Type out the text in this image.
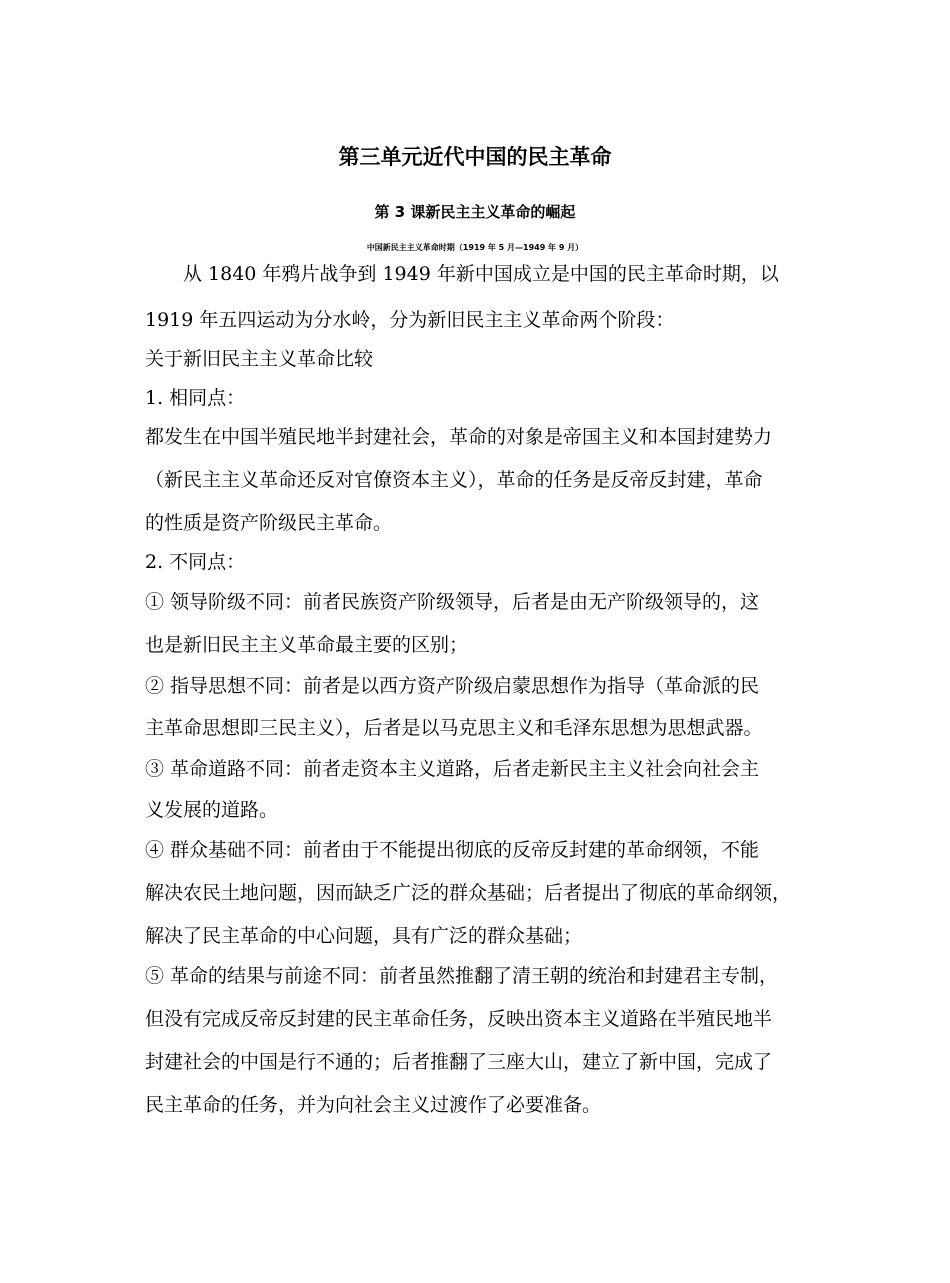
第三单元近代中国的民主革命
第 3 课新民主主义革命的崛起
中国新民主主义革命时期（1919 年 5 月—1949 年 9 月）
从 1840 年鸦片战争到 1949 年新中国成立是中国的民主革命时期，以
1919 年五四运动为分水岭，分为新旧民主主义革命两个阶段：
关于新旧民主主义革命比较
1. 相同点：
都发生在中国半殖民地半封建社会，革命的对象是帝国主义和本国封建势力
（新民主主义革命还反对官僚资本主义），革命的任务是反帝反封建，革命
的性质是资产阶级民主革命。
2. 不同点：
① 领导阶级不同：前者民族资产阶级领导，后者是由无产阶级领导的，这
也是新旧民主主义革命最主要的区别；
② 指导思想不同：前者是以西方资产阶级启蒙思想作为指导（革命派的民
主革命思想即三民主义），后者是以马克思主义和毛泽东思想为思想武器。
③ 革命道路不同：前者走资本主义道路，后者走新民主主义社会向社会主
义发展的道路。
④ 群众基础不同：前者由于不能提出彻底的反帝反封建的革命纲领，不能
解决农民土地问题，因而缺乏广泛的群众基础；后者提出了彻底的革命纲领，
解决了民主革命的中心问题，具有广泛的群众基础；
⑤ 革命的结果与前途不同：前者虽然推翻了清王朝的统治和封建君主专制，
但没有完成反帝反封建的民主革命任务，反映出资本主义道路在半殖民地半
封建社会的中国是行不通的；后者推翻了三座大山，建立了新中国，完成了
民主革命的任务，并为向社会主义过渡作了必要准备。
